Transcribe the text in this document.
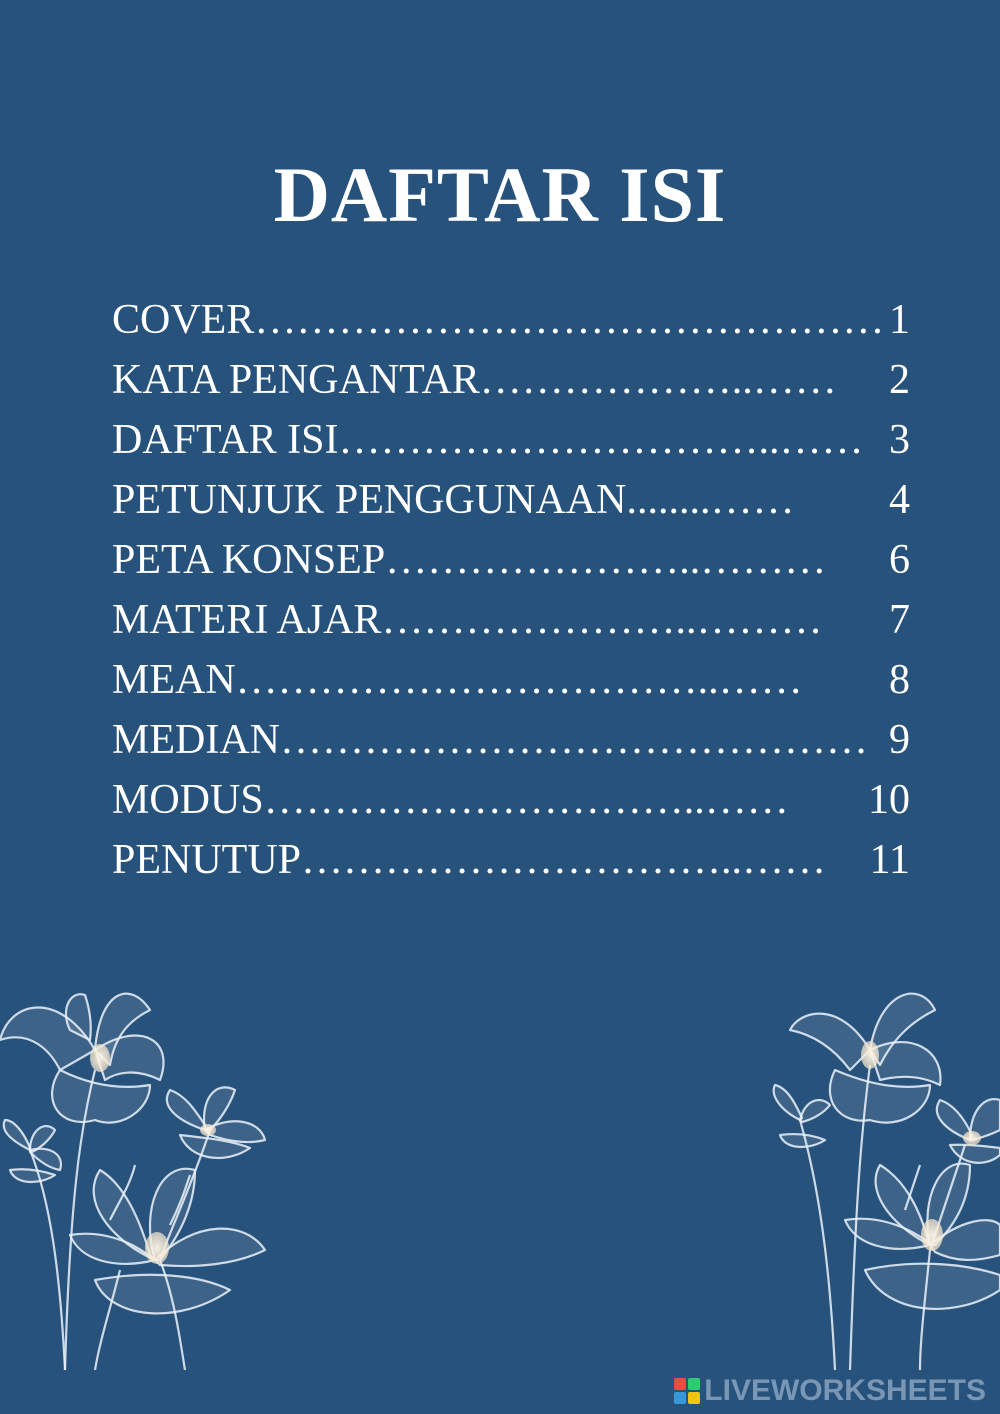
DAFTAR ISI
COVER……………………………………… 1
KATA PENGANTAR………………..…… 2
DAFTAR ISI…………………………..…… 3
PETUNJUK PENGGUNAAN........…… 4
PETA KONSEP…………………..……… 6
MATERI AJAR…………………..……… 7
MEAN……………………………..…… 8
MEDIAN…………………………………… 9
MODUS…………………………..…… 10
PENUTUP…………………………..…… 11
LIVEWORKSHEETS
